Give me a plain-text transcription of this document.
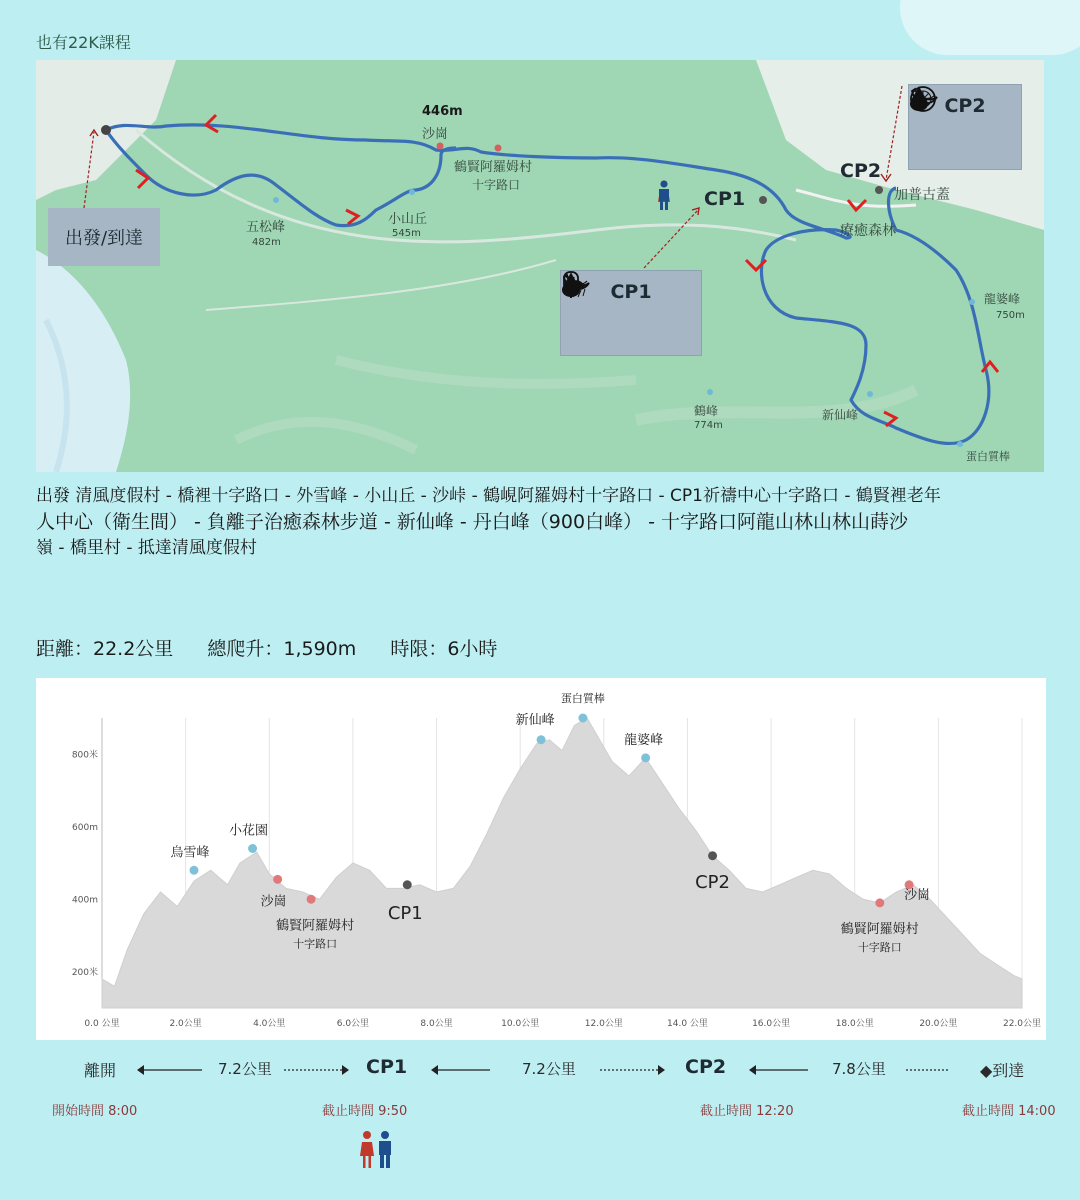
也有22K課程
446m
沙崗
鶴賢阿羅姆村
十字路口
五松峰
482m
小山丘
545m
CP1
CP2
加普古蓋
療癒森林
龍婆峰
750m
鶴峰
774m
新仙峰
蛋白質棒
出發/到達
CP1
CP2
出發 清風度假村 - 橋裡十字路口 - 外雪峰 - 小山丘 - 沙峠 - 鶴峴阿羅姆村十字路口 - CP1祈禱中心十字路口 - 鶴賢裡老年
人中心（衛生間） - 負離子治癒森林步道 - 新仙峰 - 丹白峰（900白峰） - 十字路口阿龍山林山林山蒔沙
嶺 - 橋里村 - 抵達清風度假村
距離：22.2公里 總爬升：1,590m 時限：6小時
0.0 公里	2.0公里	4.0公里	6.0公里	8.0公里	10.0公里	12.0公里	14.0 公里	16.0公里	18.0公里	20.0公里	22.0公里
200米
400m
600m
800米
烏雪峰
小花園
沙崗
鶴賢阿羅姆村
十字路口
CP1
新仙峰
蛋白質棒
龍婆峰
CP2
鶴賢阿羅姆村
十字路口
沙崗
離開	7.2公里	CP1	7.2公里	CP2	7.8公里	◆到達
開始時間 8:00	截止時間 9:50	截止時間 12:20	截止時間 14:00
